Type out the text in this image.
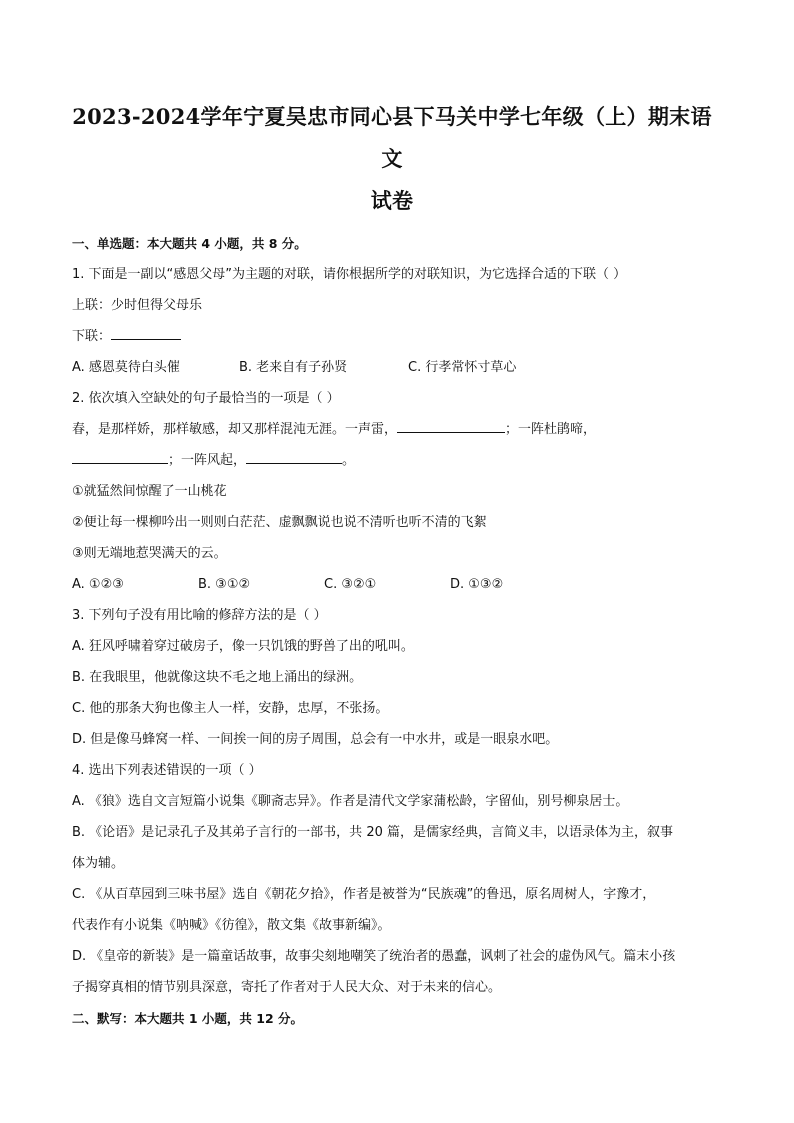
2023-2024学年宁夏吴忠市同心县下马关中学七年级（上）期末语文
试卷

一、单选题：本大题共 4 小题，共 8 分。

1. 下面是一副以“感恩父母”为主题的对联，请你根据所学的对联知识，为它选择合适的下联（ ）

上联：少时但得父母乐

下联：

A. 感恩莫待白头催	B. 老来自有子孙贤	C. 行孝常怀寸草心

2. 依次填入空缺处的句子最恰当的一项是（ ）

春，是那样娇，那样敏感，却又那样混沌无涯。一声雷，	；一阵杜鹃啼，

；一阵风起，	。

①就猛然间惊醒了一山桃花

②便让每一棵柳吟出一则则白茫茫、虚飘飘说也说不清听也听不清的飞絮

③则无端地惹哭满天的云。

A. ①②③	B. ③①②	C. ③②①	D. ①③②

3. 下列句子没有用比喻的修辞方法的是（ ）

A. 狂风呼啸着穿过破房子，像一只饥饿的野兽了出的吼叫。

B. 在我眼里，他就像这块不毛之地上涌出的绿洲。

C. 他的那条大狗也像主人一样，安静，忠厚，不张扬。

D. 但是像马蜂窝一样、一间挨一间的房子周围，总会有一中水井，或是一眼泉水吧。

4. 选出下列表述错误的一项（ ）

A. 《狼》选自文言短篇小说集《聊斋志异》。作者是清代文学家蒲松龄，字留仙，别号柳泉居士。

B. 《论语》是记录孔子及其弟子言行的一部书，共 20 篇，是儒家经典，言简义丰，以语录体为主，叙事

体为辅。

C. 《从百草园到三味书屋》选自《朝花夕拾》，作者是被誉为“民族魂”的鲁迅，原名周树人，字豫才，

代表作有小说集《呐喊》《彷徨》，散文集《故事新编》。

D. 《皇帝的新装》是一篇童话故事，故事尖刻地嘲笑了统治者的愚蠢，讽刺了社会的虚伪风气。篇末小孩

子揭穿真相的情节别具深意，寄托了作者对于人民大众、对于未来的信心。

二、默写：本大题共 1 小题，共 12 分。
